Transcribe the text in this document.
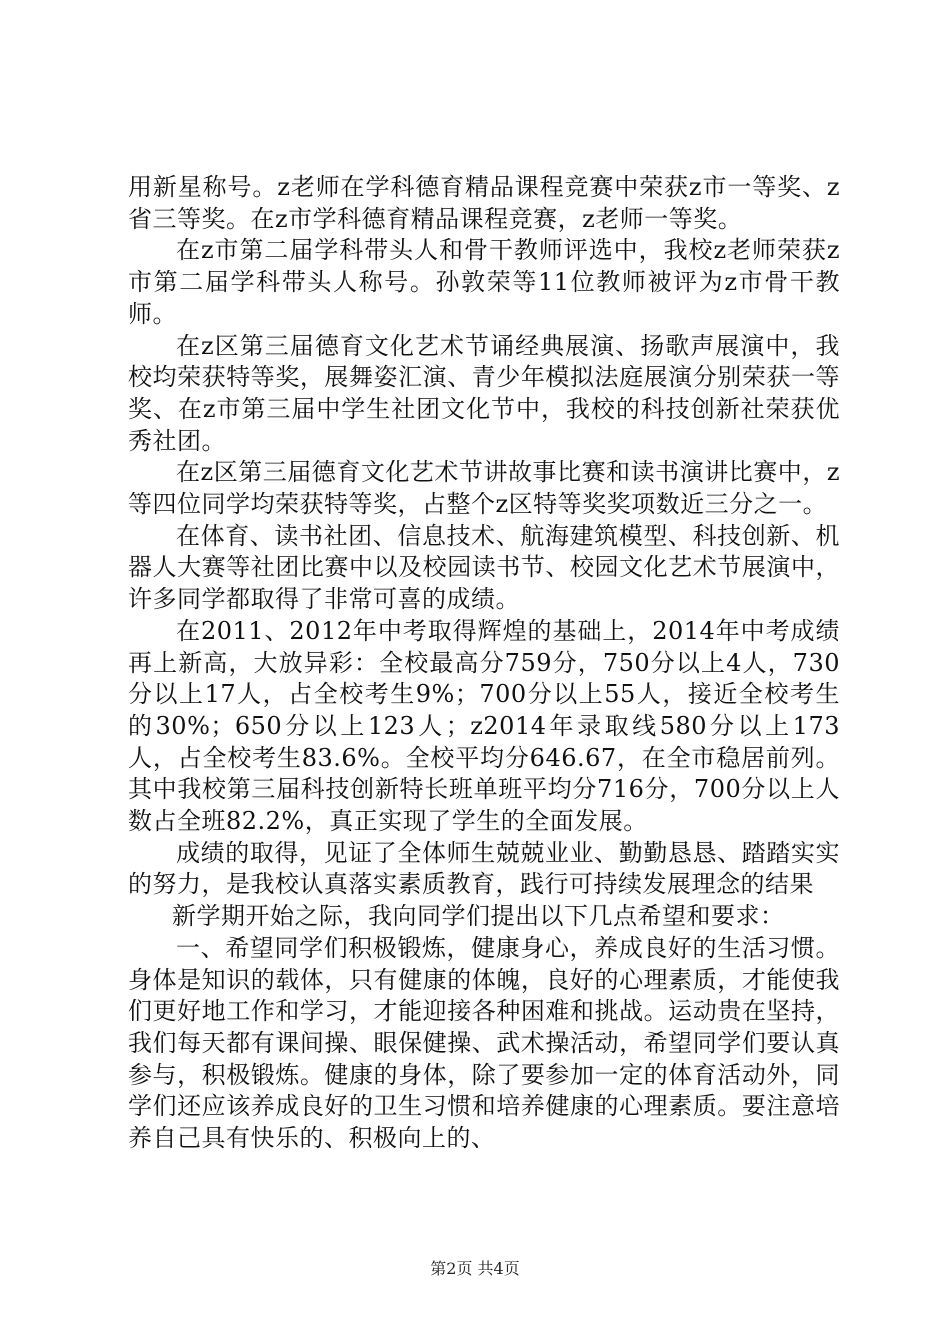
用新星称号。z老师在学科德育精品课程竞赛中荣获z市一等奖、z省三等奖。在z市学科德育精品课程竞赛，z老师一等奖。

在z市第二届学科带头人和骨干教师评选中，我校z老师荣获z市第二届学科带头人称号。孙敦荣等11位教师被评为z市骨干教师。

在z区第三届德育文化艺术节诵经典展演、扬歌声展演中，我校均荣获特等奖，展舞姿汇演、青少年模拟法庭展演分别荣获一等奖、在z市第三届中学生社团文化节中，我校的科技创新社荣获优秀社团。

在z区第三届德育文化艺术节讲故事比赛和读书演讲比赛中，z等四位同学均荣获特等奖，占整个z区特等奖奖项数近三分之一。

在体育、读书社团、信息技术、航海建筑模型、科技创新、机器人大赛等社团比赛中以及校园读书节、校园文化艺术节展演中，许多同学都取得了非常可喜的成绩。

在2011、2012年中考取得辉煌的基础上，2014年中考成绩再上新高，大放异彩：全校最高分759分，750分以上4人，730分以上17人，占全校考生9%；700分以上55人，接近全校考生的30%；650分以上123人；z2014年录取线580分以上173人，占全校考生83.6%。全校平均分646.67，在全市稳居前列。其中我校第三届科技创新特长班单班平均分716分，700分以上人数占全班82.2%，真正实现了学生的全面发展。

成绩的取得，见证了全体师生兢兢业业、勤勤恳恳、踏踏实实的努力，是我校认真落实素质教育，践行可持续发展理念的结果

新学期开始之际，我向同学们提出以下几点希望和要求：

一、希望同学们积极锻炼，健康身心，养成良好的生活习惯。身体是知识的载体，只有健康的体魄，良好的心理素质，才能使我们更好地工作和学习，才能迎接各种困难和挑战。运动贵在坚持，我们每天都有课间操、眼保健操、武术操活动，希望同学们要认真参与，积极锻炼。健康的身体，除了要参加一定的体育活动外，同学们还应该养成良好的卫生习惯和培养健康的心理素质。要注意培养自己具有快乐的、积极向上的、

第2页 共4页
